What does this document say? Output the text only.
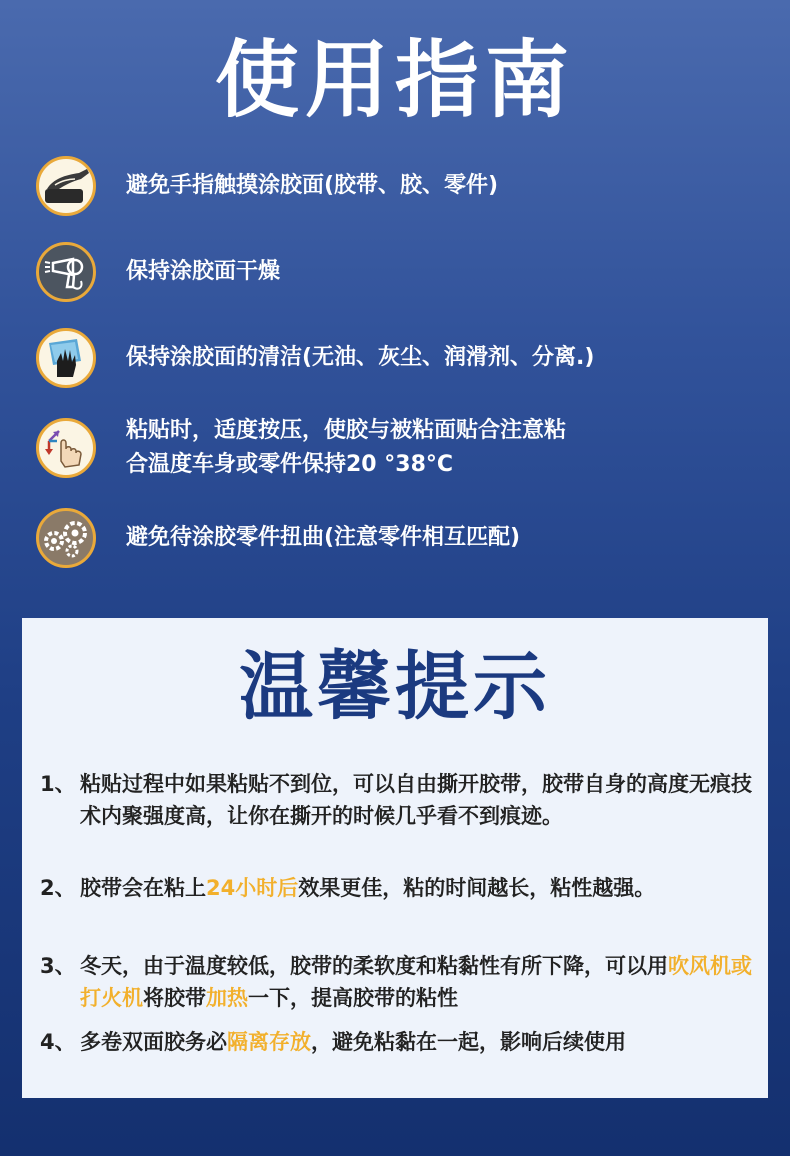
使用指南
避免手指触摸涂胶面(胶带、胶、零件)
保持涂胶面干燥
保持涂胶面的清洁(无油、灰尘、润滑剂、分离.)
粘贴时，适度按压，使胶与被粘面贴合注意粘
合温度车身或零件保持20 °38°C
避免待涂胶零件扭曲(注意零件相互匹配)
温馨提示
1、 粘贴过程中如果粘贴不到位，可以自由撕开胶带，胶带自身的高度无痕技术内聚强度高，让你在撕开的时候几乎看不到痕迹。
2、 胶带会在粘上24小时后效果更佳，粘的时间越长，粘性越强。
3、 冬天，由于温度较低，胶带的柔软度和粘黏性有所下降，可以用吹风机或打火机将胶带加热一下，提高胶带的粘性
4、 多卷双面胶务必隔离存放，避免粘黏在一起，影响后续使用
